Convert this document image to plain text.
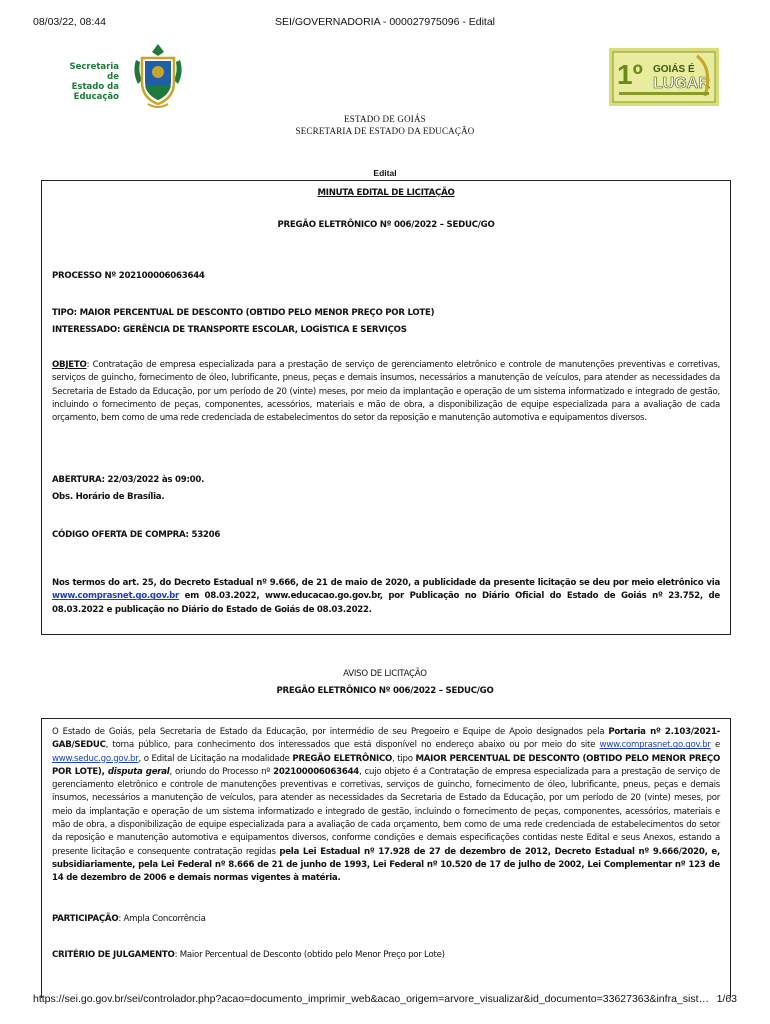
08/03/22, 08:44	SEI/GOVERNADORIA - 000027975096 - Edital
Secretaria de
Estado da
Educação
1º GOIÁS É
LUGAR
ESTADO DE GOIÁS
SECRETARIA DE ESTADO DA EDUCAÇÃO
Edital
MINUTA EDITAL DE LICITAÇÃO
PREGÃO ELETRÔNICO Nº 006/2022 – SEDUC/GO
PROCESSO Nº 202100006063644
TIPO: MAIOR PERCENTUAL DE DESCONTO (OBTIDO PELO MENOR PREÇO POR LOTE)
INTERESSADO: GERÊNCIA DE TRANSPORTE ESCOLAR, LOGÍSTICA E SERVIÇOS
OBJETO: Contratação de empresa especializada para a prestação de serviço de gerenciamento eletrônico e controle de manutenções preventivas e corretivas, serviços de guincho, fornecimento de óleo, lubrificante, pneus, peças e demais insumos, necessários a manutenção de veículos, para atender as necessidades da Secretaria de Estado da Educação, por um período de 20 (vinte) meses, por meio da implantação e operação de um sistema informatizado e integrado de gestão, incluindo o fornecimento de peças, componentes, acessórios, materiais e mão de obra, a disponibilização de equipe especializada para a avaliação de cada orçamento, bem como de uma rede credenciada de estabelecimentos do setor da reposição e manutenção automotiva e equipamentos diversos.
ABERTURA: 22/03/2022 às 09:00.
Obs. Horário de Brasília.
CÓDIGO OFERTA DE COMPRA: 53206
Nos termos do art. 25, do Decreto Estadual nº 9.666, de 21 de maio de 2020, a publicidade da presente licitação se deu por meio eletrônico via www.comprasnet.go.gov.br em 08.03.2022, www.educacao.go.gov.br, por Publicação no Diário Oficial do Estado de Goiás nº 23.752, de 08.03.2022 e publicação no Diário do Estado de Goiás de 08.03.2022.
AVISO DE LICITAÇÃO
PREGÃO ELETRÔNICO Nº 006/2022 – SEDUC/GO
O Estado de Goiás, pela Secretaria de Estado da Educação, por intermédio de seu Pregoeiro e Equipe de Apoio designados pela Portaria nº 2.103/2021-GAB/SEDUC, torna público, para conhecimento dos interessados que está disponível no endereço abaixo ou por meio do site www.comprasnet.go.gov.br e www.seduc.go.gov.br, o Edital de Licitação na modalidade PREGÃO ELETRÔNICO, tipo MAIOR PERCENTUAL DE DESCONTO (OBTIDO PELO MENOR PREÇO POR LOTE), disputa geral, oriundo do Processo nº 202100006063644, cujo objeto é a Contratação de empresa especializada para a prestação de serviço de gerenciamento eletrônico e controle de manutenções preventivas e corretivas, serviços de guincho, fornecimento de óleo, lubrificante, pneus, peças e demais insumos, necessários a manutenção de veículos, para atender as necessidades da Secretaria de Estado da Educação, por um período de 20 (vinte) meses, por meio da implantação e operação de um sistema informatizado e integrado de gestão, incluindo o fornecimento de peças, componentes, acessórios, materiais e mão de obra, a disponibilização de equipe especializada para a avaliação de cada orçamento, bem como de uma rede credenciada de estabelecimentos do setor da reposição e manutenção automotiva e equipamentos diversos, conforme condições e demais especificações contidas neste Edital e seus Anexos, estando a presente licitação e consequente contratação regidas pela Lei Estadual nº 17.928 de 27 de dezembro de 2012, Decreto Estadual nº 9.666/2020, e, subsidiariamente, pela Lei Federal nº 8.666 de 21 de junho de 1993, Lei Federal nº 10.520 de 17 de julho de 2002, Lei Complementar nº 123 de 14 de dezembro de 2006 e demais normas vigentes à matéria.
PARTICIPAÇÃO: Ampla Concorrência
CRITÉRIO DE JULGAMENTO: Maior Percentual de Desconto (obtido pelo Menor Preço por Lote)
https://sei.go.gov.br/sei/controlador.php?acao=documento_imprimir_web&acao_origem=arvore_visualizar&id_documento=33627363&infra_sist… 1/63
